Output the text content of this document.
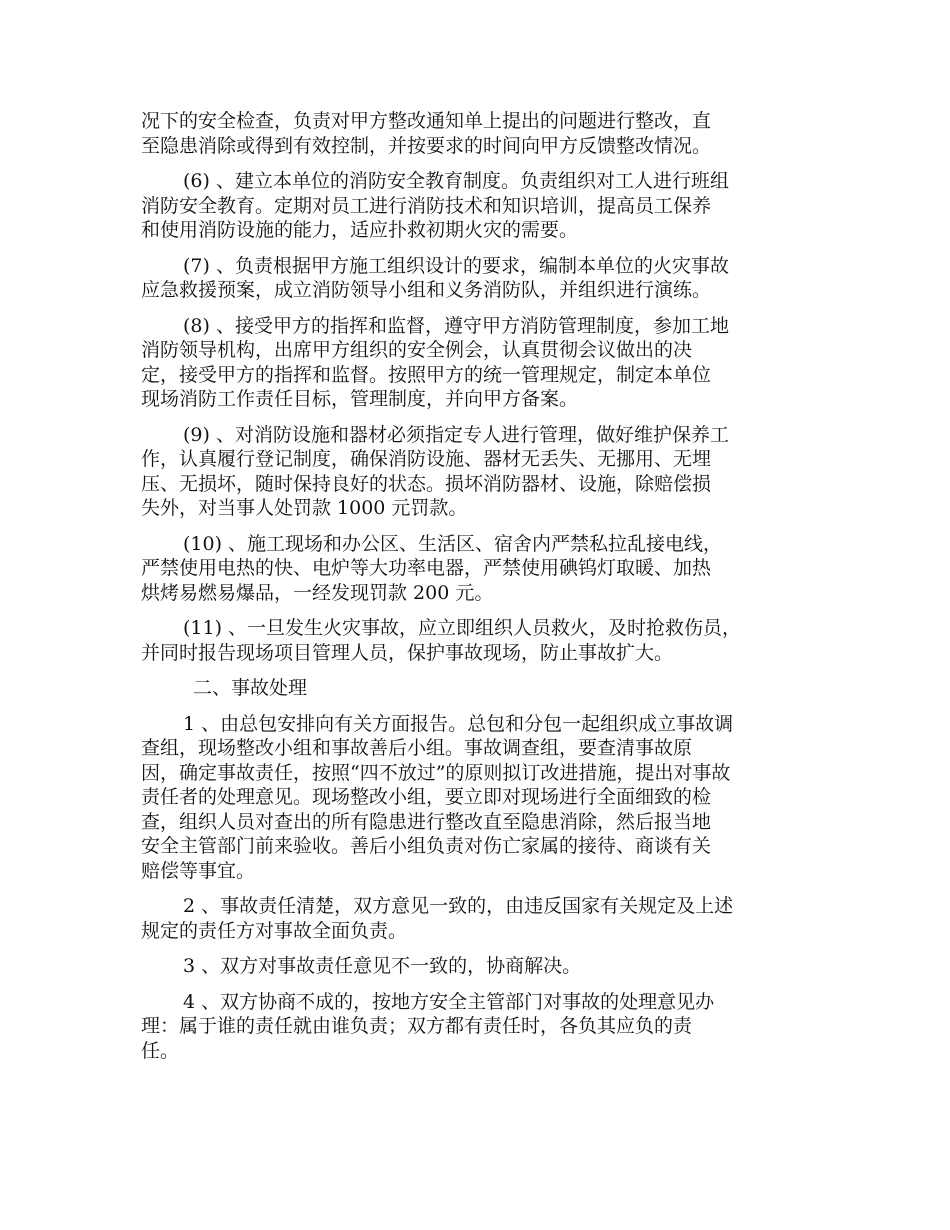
况下的安全检查，负责对甲方整改通知单上提出的问题进行整改，直
至隐患消除或得到有效控制，并按要求的时间向甲方反馈整改情况。

(6) 、建立本单位的消防安全教育制度。负责组织对工人进行班组
消防安全教育。定期对员工进行消防技术和知识培训，提高员工保养
和使用消防设施的能力，适应扑救初期火灾的需要。

(7) 、负责根据甲方施工组织设计的要求，编制本单位的火灾事故
应急救援预案，成立消防领导小组和义务消防队，并组织进行演练。

(8) 、接受甲方的指挥和监督，遵守甲方消防管理制度，参加工地
消防领导机构，出席甲方组织的安全例会，认真贯彻会议做出的决
定，接受甲方的指挥和监督。按照甲方的统一管理规定，制定本单位
现场消防工作责任目标，管理制度，并向甲方备案。

(9) 、对消防设施和器材必须指定专人进行管理，做好维护保养工
作，认真履行登记制度，确保消防设施、器材无丢失、无挪用、无埋
压、无损坏，随时保持良好的状态。损坏消防器材、设施，除赔偿损
失外，对当事人处罚款 1000 元罚款。

(10) 、施工现场和办公区、生活区、宿舍内严禁私拉乱接电线，
严禁使用电热的快、电炉等大功率电器，严禁使用碘钨灯取暖、加热
烘烤易燃易爆品，一经发现罚款 200 元。

(11) 、一旦发生火灾事故，应立即组织人员救火，及时抢救伤员，
并同时报告现场项目管理人员，保护事故现场，防止事故扩大。

二、事故处理

1 、由总包安排向有关方面报告。总包和分包一起组织成立事故调
查组，现场整改小组和事故善后小组。事故调查组，要查清事故原
因，确定事故责任，按照“四不放过”的原则拟订改进措施，提出对事故
责任者的处理意见。现场整改小组，要立即对现场进行全面细致的检
查，组织人员对查出的所有隐患进行整改直至隐患消除，然后报当地
安全主管部门前来验收。善后小组负责对伤亡家属的接待、商谈有关
赔偿等事宜。

2 、事故责任清楚，双方意见一致的，由违反国家有关规定及上述
规定的责任方对事故全面负责。

3 、双方对事故责任意见不一致的，协商解决。

4 、双方协商不成的，按地方安全主管部门对事故的处理意见办
理：属于谁的责任就由谁负责；双方都有责任时，各负其应负的责
任。
